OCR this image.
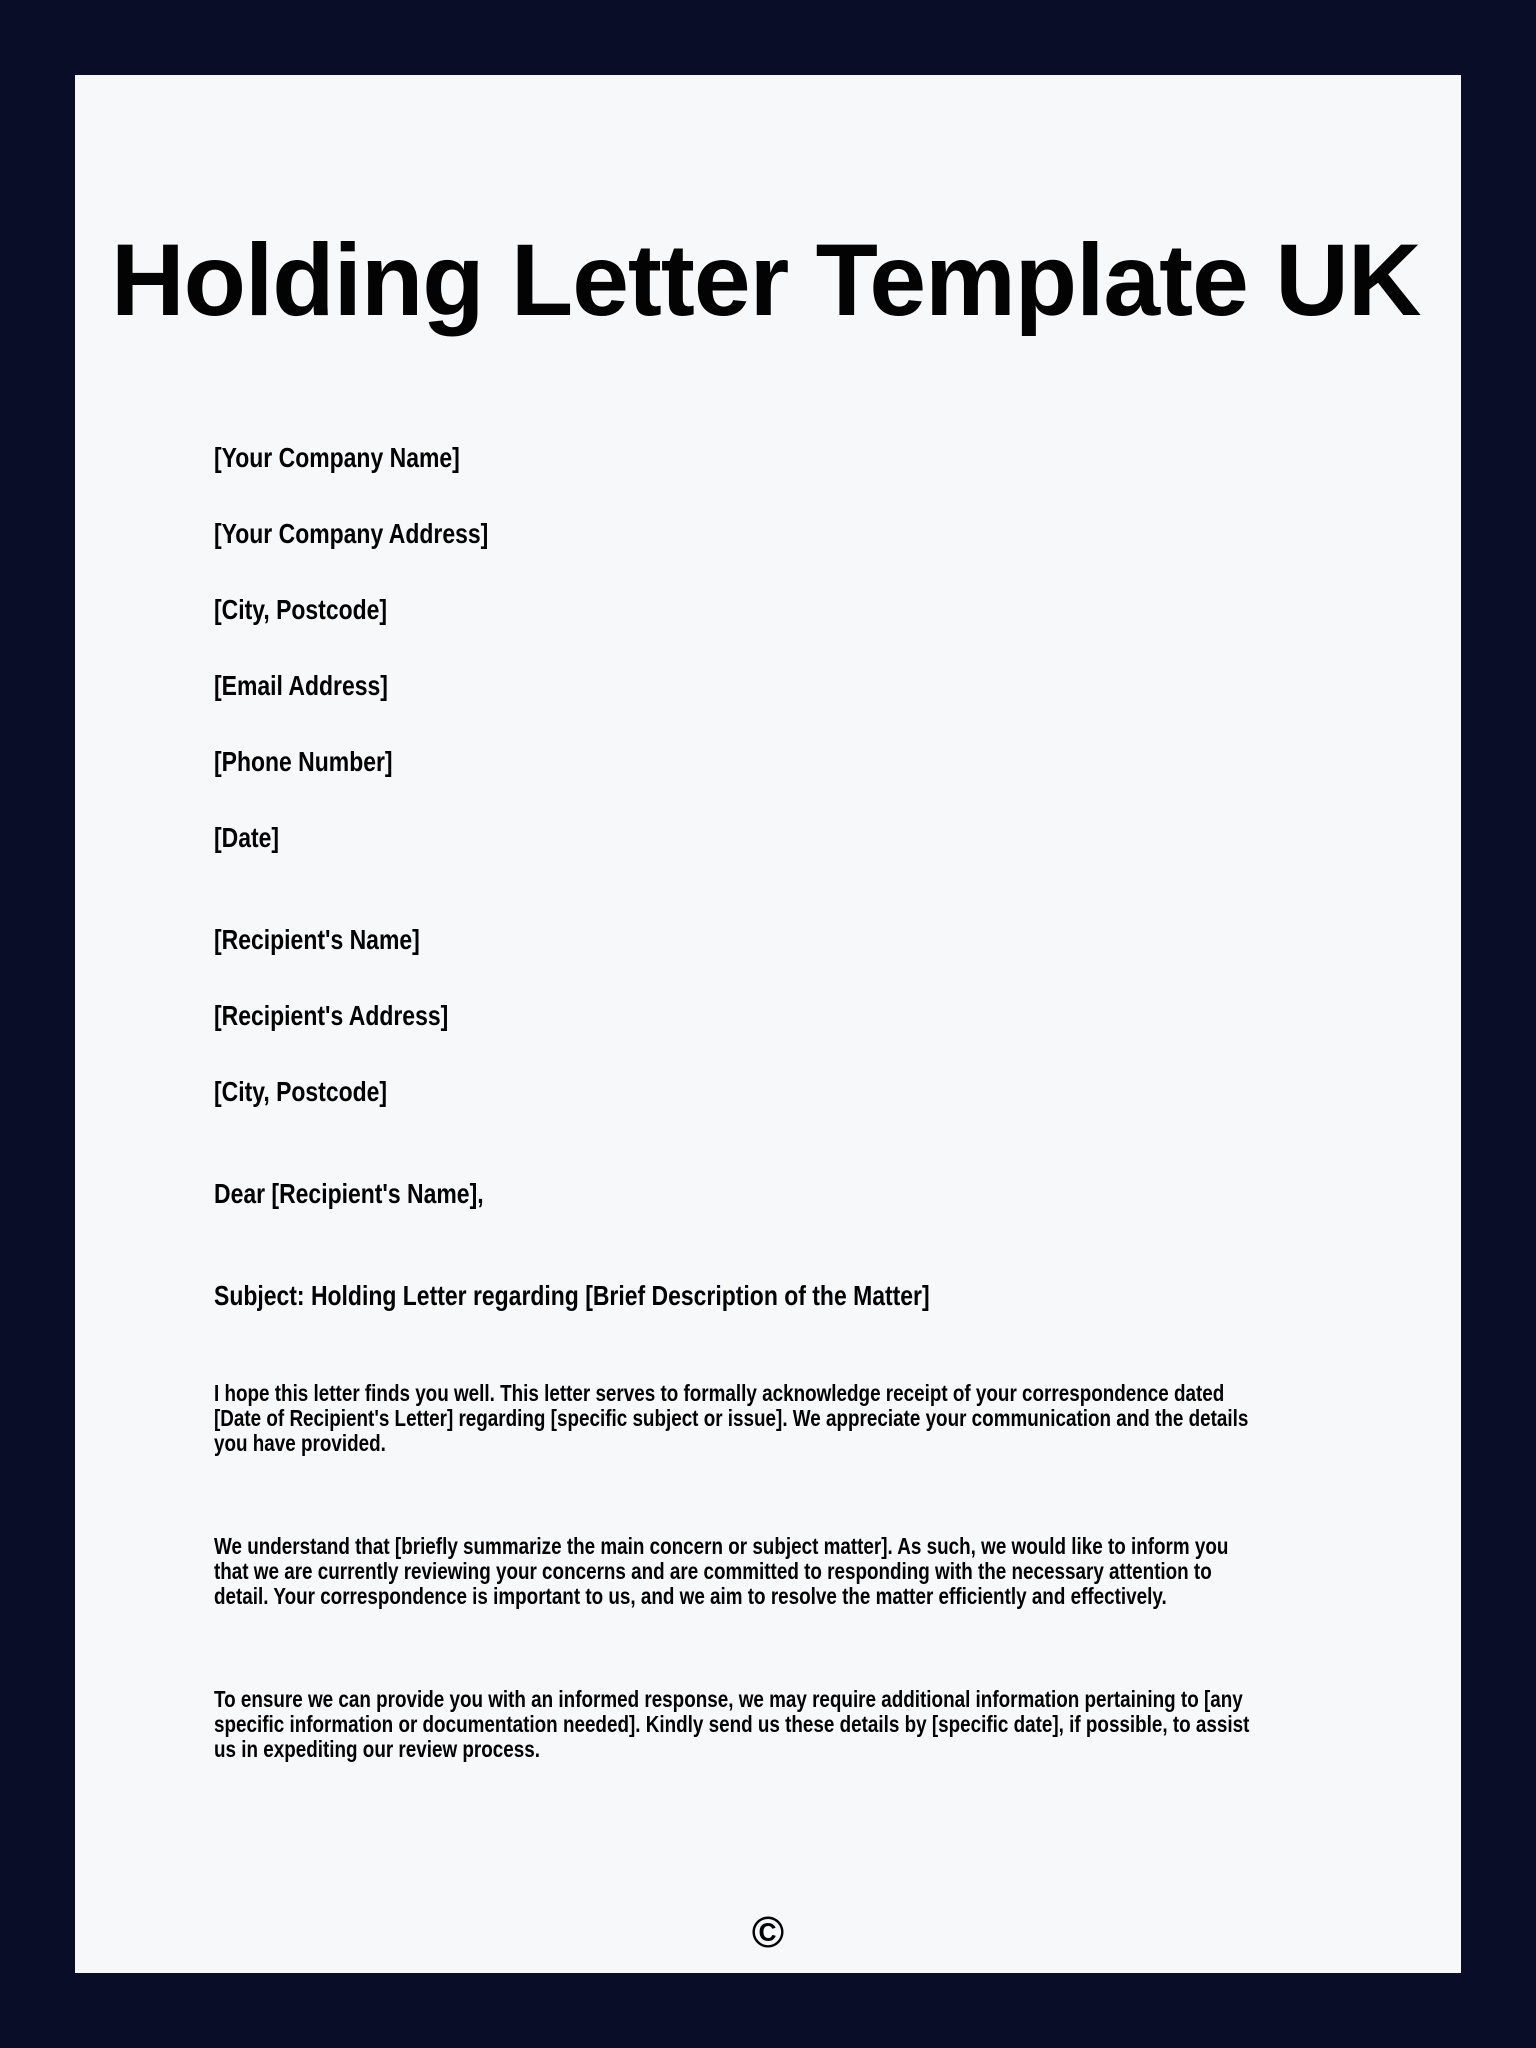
Holding Letter Template UK

[Your Company Name]

[Your Company Address]

[City, Postcode]

[Email Address]

[Phone Number]

[Date]

[Recipient's Name]

[Recipient's Address]

[City, Postcode]

Dear [Recipient's Name],

Subject: Holding Letter regarding [Brief Description of the Matter]

I hope this letter finds you well. This letter serves to formally acknowledge receipt of your correspondence dated [Date of Recipient's Letter] regarding [specific subject or issue]. We appreciate your communication and the details you have provided.

We understand that [briefly summarize the main concern or subject matter]. As such, we would like to inform you that we are currently reviewing your concerns and are committed to responding with the necessary attention to detail. Your correspondence is important to us, and we aim to resolve the matter efficiently and effectively.

To ensure we can provide you with an informed response, we may require additional information pertaining to [any specific information or documentation needed]. Kindly send us these details by [specific date], if possible, to assist us in expediting our review process.

©
